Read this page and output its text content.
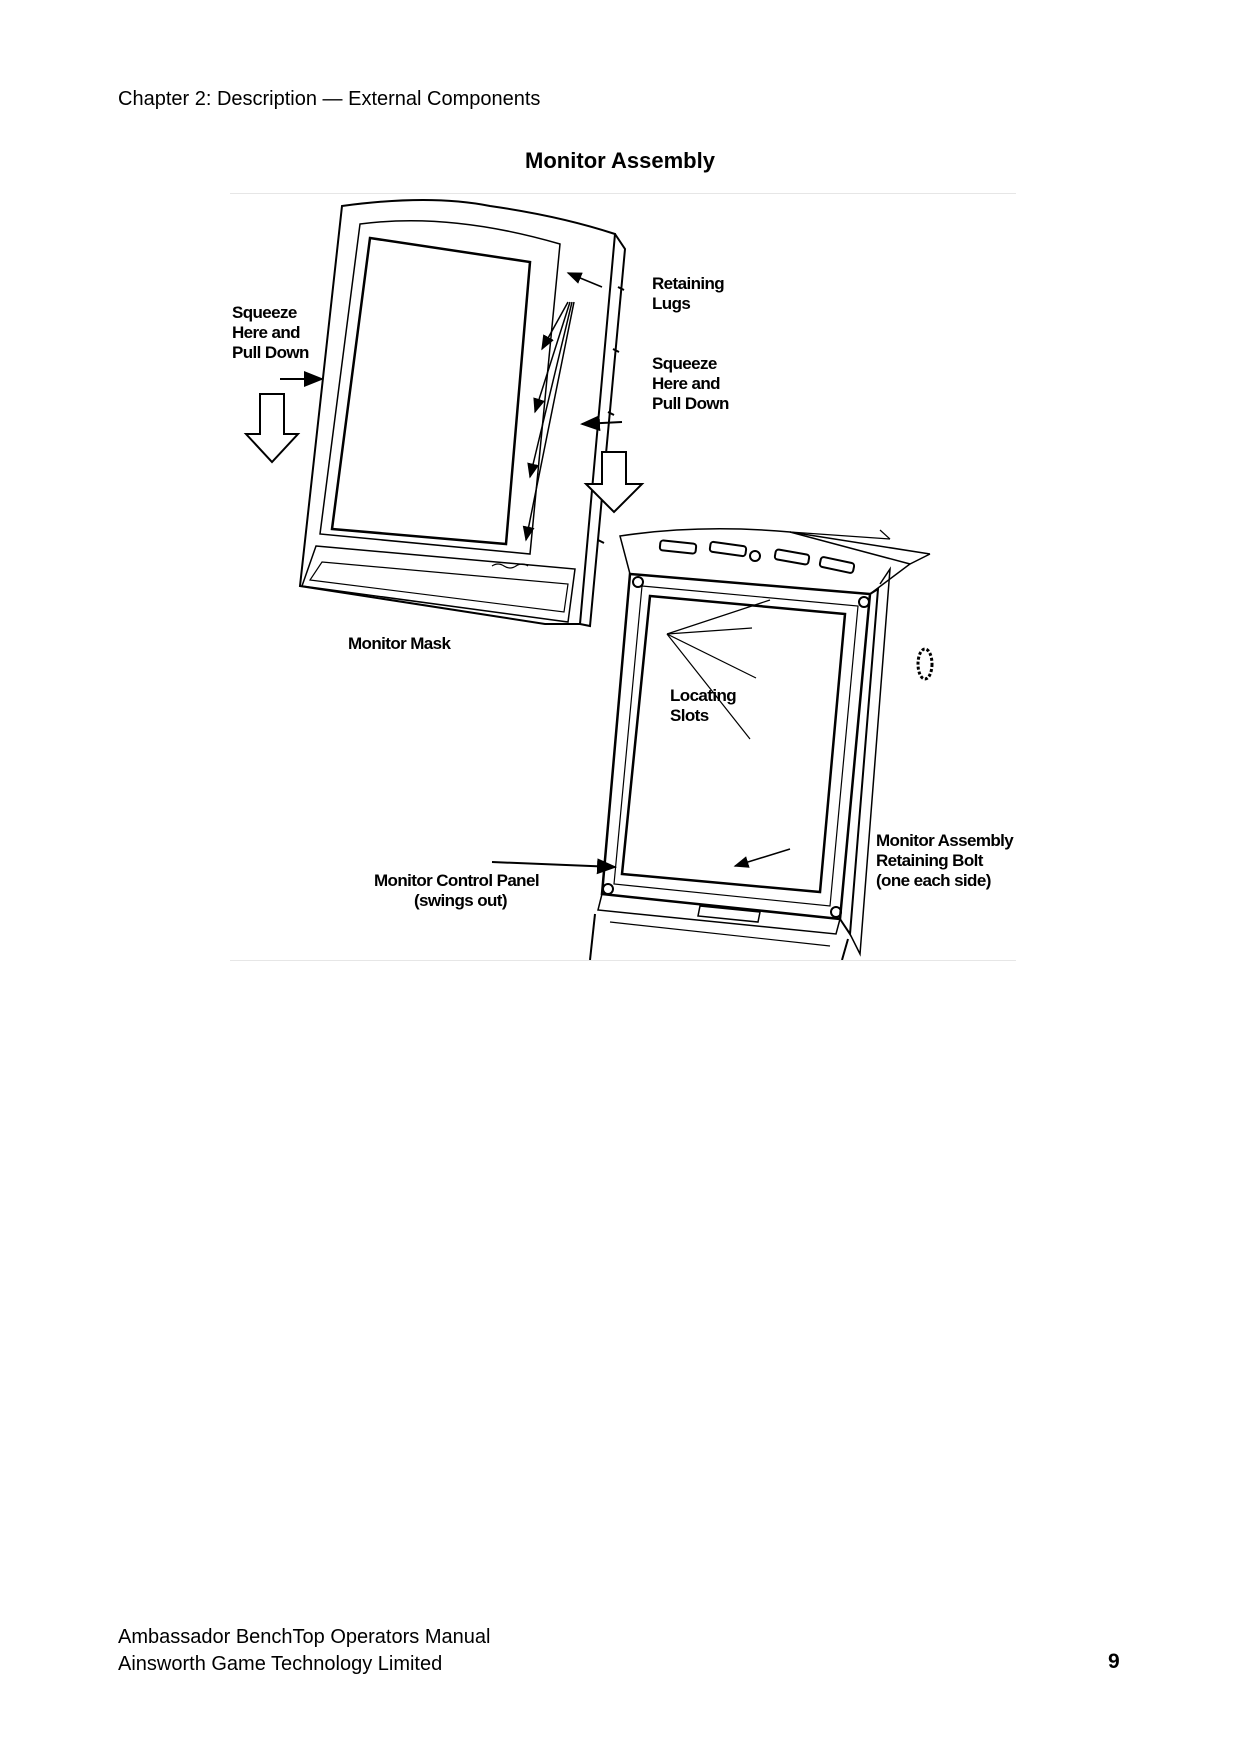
Chapter 2: Description — External Components
Monitor Assembly
Squeeze Here and Pull Down
Retaining Lugs
Squeeze Here and Pull Down
Monitor Mask
Locating Slots
Monitor Assembly Retaining Bolt (one each side)
Monitor Control Panel (swings out)
Ambassador BenchTop Operators Manual
Ainsworth Game Technology Limited	9
